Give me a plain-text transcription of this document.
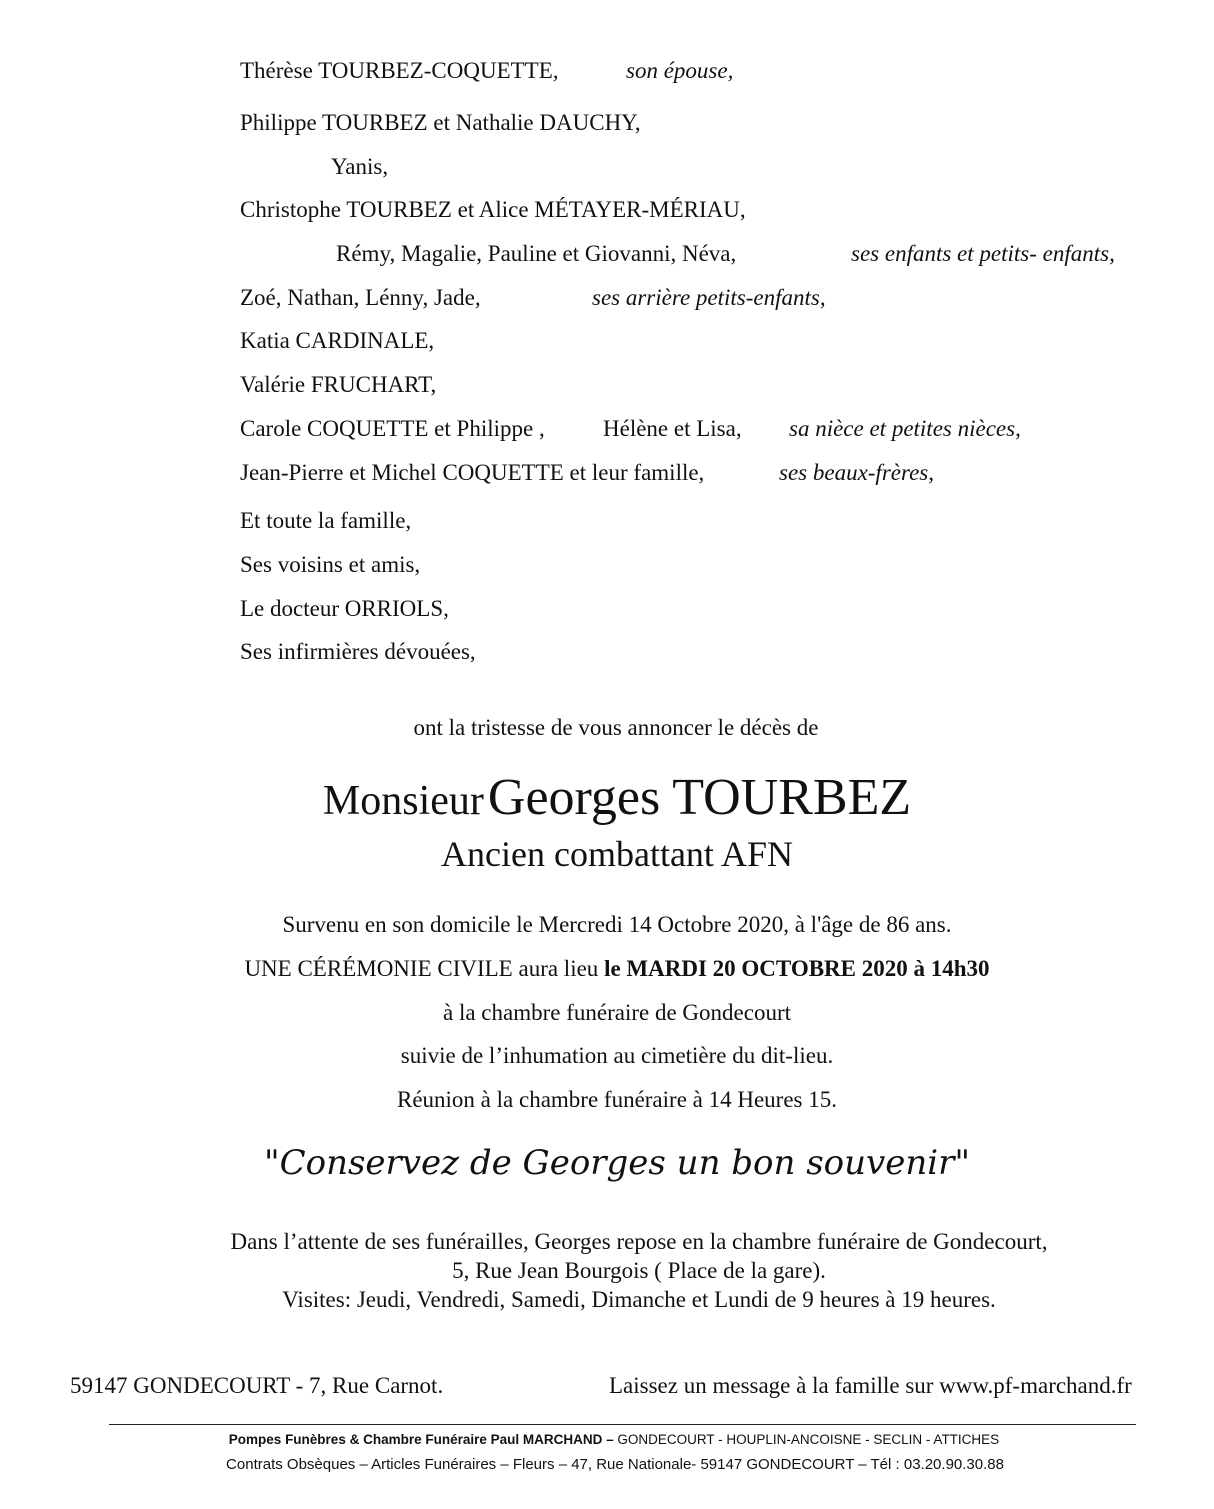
Thérèse TOURBEZ-COQUETTE,	son épouse,
Philippe TOURBEZ et Nathalie DAUCHY,
Yanis,
Christophe TOURBEZ et Alice MÉTAYER-MÉRIAU,
Rémy, Magalie, Pauline et Giovanni, Néva,	ses enfants et petits- enfants,
Zoé, Nathan, Lénny, Jade,	ses arrière petits-enfants,
Katia CARDINALE,
Valérie FRUCHART,
Carole COQUETTE et Philippe ,	Hélène et Lisa, sa nièce et petites nièces,
Jean-Pierre et Michel COQUETTE et leur famille,	ses beaux-frères,
Et toute la famille,
Ses voisins et amis,
Le docteur ORRIOLS,
Ses infirmières dévouées,
ont la tristesse de vous annoncer le décès de
Monsieur Georges TOURBEZ
Ancien combattant AFN
Survenu en son domicile le Mercredi 14 Octobre 2020, à l'âge de 86 ans.
UNE CÉRÉMONIE CIVILE aura lieu le MARDI 20 OCTOBRE 2020 à 14h30
à la chambre funéraire de Gondecourt
suivie de l’inhumation au cimetière du dit-lieu.
Réunion à la chambre funéraire à 14 Heures 15.
"Conservez de Georges un bon souvenir"
Dans l’attente de ses funérailles, Georges repose en la chambre funéraire de Gondecourt,
5, Rue Jean Bourgois ( Place de la gare).
Visites: Jeudi, Vendredi, Samedi, Dimanche et Lundi de 9 heures à 19 heures.
59147 GONDECOURT - 7, Rue Carnot.	Laissez un message à la famille sur www.pf-marchand.fr
Pompes Funèbres & Chambre Funéraire Paul MARCHAND – GONDECOURT - HOUPLIN-ANCOISNE - SECLIN - ATTICHES
Contrats Obsèques – Articles Funéraires – Fleurs – 47, Rue Nationale- 59147 GONDECOURT – Tél : 03.20.90.30.88
